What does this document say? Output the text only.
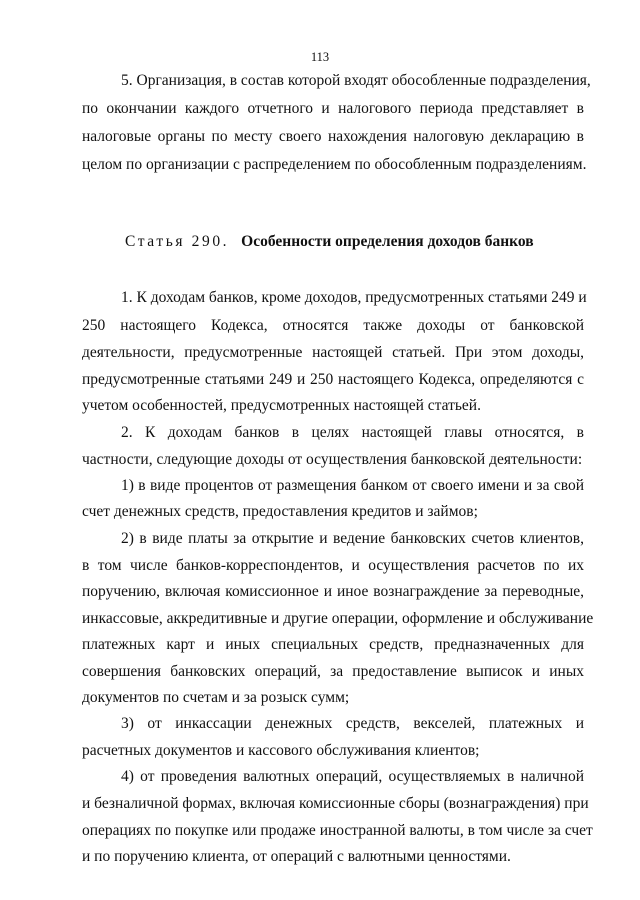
113
5. Организация, в состав которой входят обособленные подразделения,
по окончании каждого отчетного и налогового периода представляет в
налоговые органы по месту своего нахождения налоговую декларацию в
целом по организации с распределением по обособленным подразделениям.
Статья 290. Особенности определения доходов банков
1. К доходам банков, кроме доходов, предусмотренных статьями 249 и
250 настоящего Кодекса, относятся также доходы от банковской
деятельности, предусмотренные настоящей статьей. При этом доходы,
предусмотренные статьями 249 и 250 настоящего Кодекса, определяются с
учетом особенностей, предусмотренных настоящей статьей.
2. К доходам банков в целях настоящей главы относятся, в
частности, следующие доходы от осуществления банковской деятельности:
1) в виде процентов от размещения банком от своего имени и за свой
счет денежных средств, предоставления кредитов и займов;
2) в виде платы за открытие и ведение банковских счетов клиентов,
в том числе банков-корреспондентов, и осуществления расчетов по их
поручению, включая комиссионное и иное вознаграждение за переводные,
инкассовые, аккредитивные и другие операции, оформление и обслуживание
платежных карт и иных специальных средств, предназначенных для
совершения банковских операций, за предоставление выписок и иных
документов по счетам и за розыск сумм;
3) от инкассации денежных средств, векселей, платежных и
расчетных документов и кассового обслуживания клиентов;
4) от проведения валютных операций, осуществляемых в наличной
и безналичной формах, включая комиссионные сборы (вознаграждения) при
операциях по покупке или продаже иностранной валюты, в том числе за счет
и по поручению клиента, от операций с валютными ценностями.
